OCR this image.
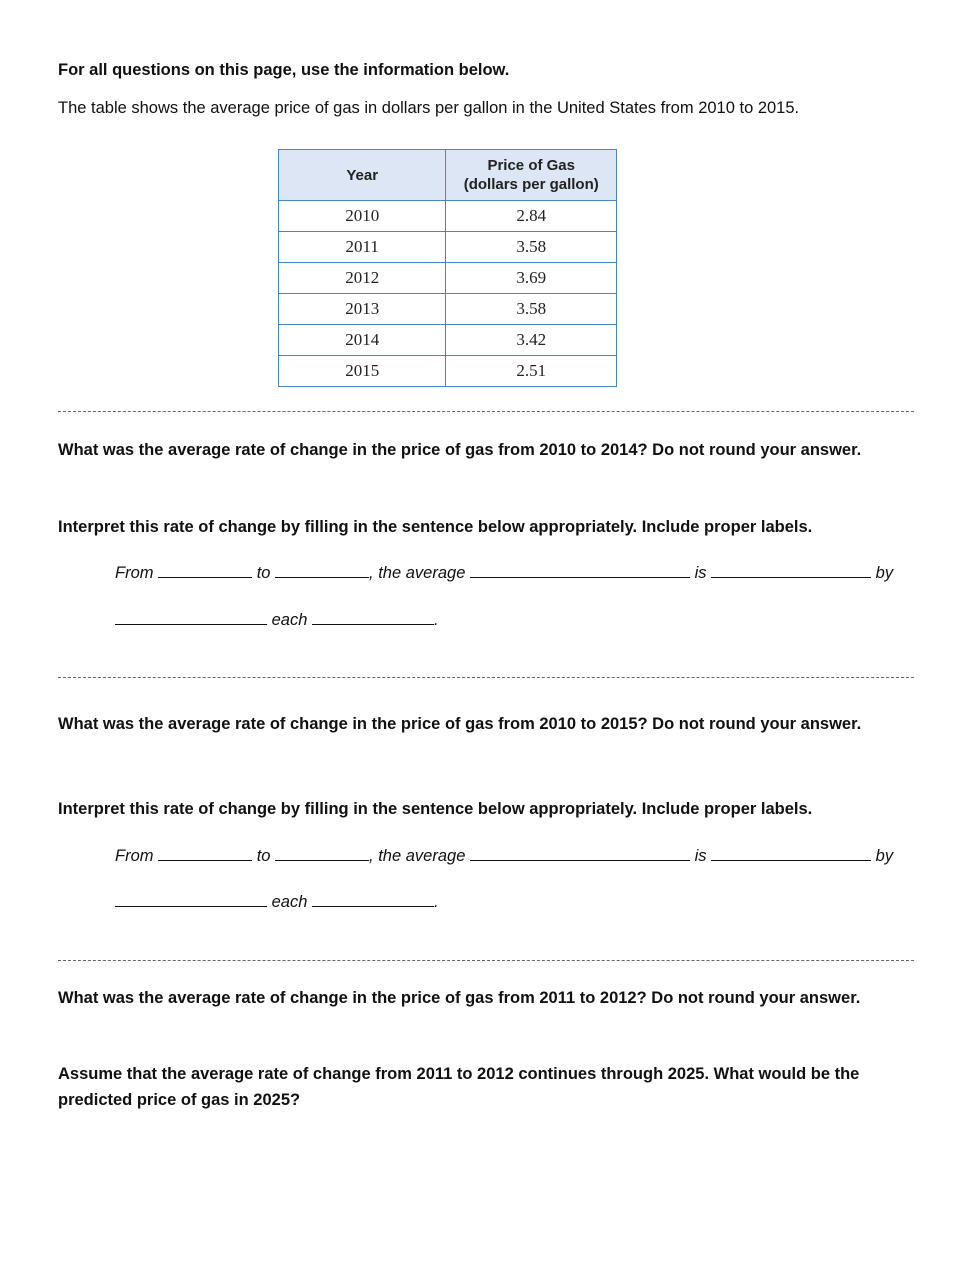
For all questions on this page, use the information below.
The table shows the average price of gas in dollars per gallon in the United States from 2010 to 2015.
Year	Price of Gas
(dollars per gallon)
2010	2.84
2011	3.58
2012	3.69
2013	3.58
2014	3.42
2015	2.51
What was the average rate of change in the price of gas from 2010 to 2014? Do not round your answer.
Interpret this rate of change by filling in the sentence below appropriately. Include proper labels.
From	to	, the average	is	by
each	.
What was the average rate of change in the price of gas from 2010 to 2015? Do not round your answer.
Interpret this rate of change by filling in the sentence below appropriately. Include proper labels.
From	to	, the average	is	by
each	.
What was the average rate of change in the price of gas from 2011 to 2012? Do not round your answer.
Assume that the average rate of change from 2011 to 2012 continues through 2025. What would be the
predicted price of gas in 2025?
